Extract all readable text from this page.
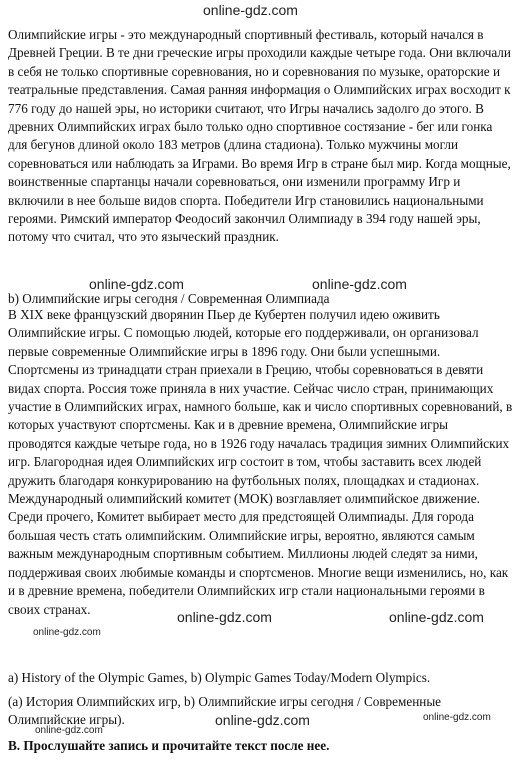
online-gdz.com

Олимпийские игры - это международный спортивный фестиваль, который начался в Древней Греции. В те дни греческие игры проходили каждые четыре года. Они включали в себя не только спортивные соревнования, но и соревнования по музыке, ораторские и театральные представления. Самая ранняя информация о Олимпийских играх восходит к 776 году до нашей эры, но историки считают, что Игры начались задолго до этого. В древних Олимпийских играх было только одно спортивное состязание - бег или гонка для бегунов длиной около 183 метров (длина стадиона). Только мужчины могли соревноваться или наблюдать за Играми. Во время Игр в стране был мир. Когда мощные, воинственные спартанцы начали соревноваться, они изменили программу Игр и включили в нее больше видов спорта. Победители Игр становились национальными героями. Римский император Феодосий закончил Олимпиаду в 394 году нашей эры, потому что считал, что это языческий праздник.

online-gdz.com	online-gdz.com
b) Олимпийские игры сегодня / Современная Олимпиада

В XIX веке французский дворянин Пьер де Кубертен получил идею оживить Олимпийские игры. С помощью людей, которые его поддерживали, он организовал первые современные Олимпийские игры в 1896 году. Они были успешными. Спортсмены из тринадцати стран приехали в Грецию, чтобы соревноваться в девяти видах спорта. Россия тоже приняла в них участие. Сейчас число стран, принимающих участие в Олимпийских играх, намного больше, как и число спортивных соревнований, в которых участвуют спортсмены. Как и в древние времена, Олимпийские игры проводятся каждые четыре года, но в 1926 году началась традиция зимних Олимпийских игр. Благородная идея Олимпийских игр состоит в том, чтобы заставить всех людей дружить благодаря конкурированию на футбольных полях, площадках и стадионах. Международный олимпийский комитет (МОК) возглавляет олимпийское движение. Среди прочего, Комитет выбирает место для предстоящей Олимпиады. Для города большая честь стать олимпийским. Олимпийские игры, вероятно, являются самым важным международным спортивным событием. Миллионы людей следят за ними, поддерживая своих любимые команды и спортсменов. Многие вещи изменились, но, как и в древние времена, победители Олимпийских игр стали национальными героями в своих странах.

online-gdz.com
online-gdz.com	online-gdz.com
a) History of the Olympic Games, b) Olympic Games Today/Modern Olympics.
(a) История Олимпийских игр, b) Олимпийские игры сегодня / Современные Олимпийские игры).
online-gdz.com
online-gdz.com	online-gdz.com
B. Прослушайте запись и прочитайте текст после нее.
